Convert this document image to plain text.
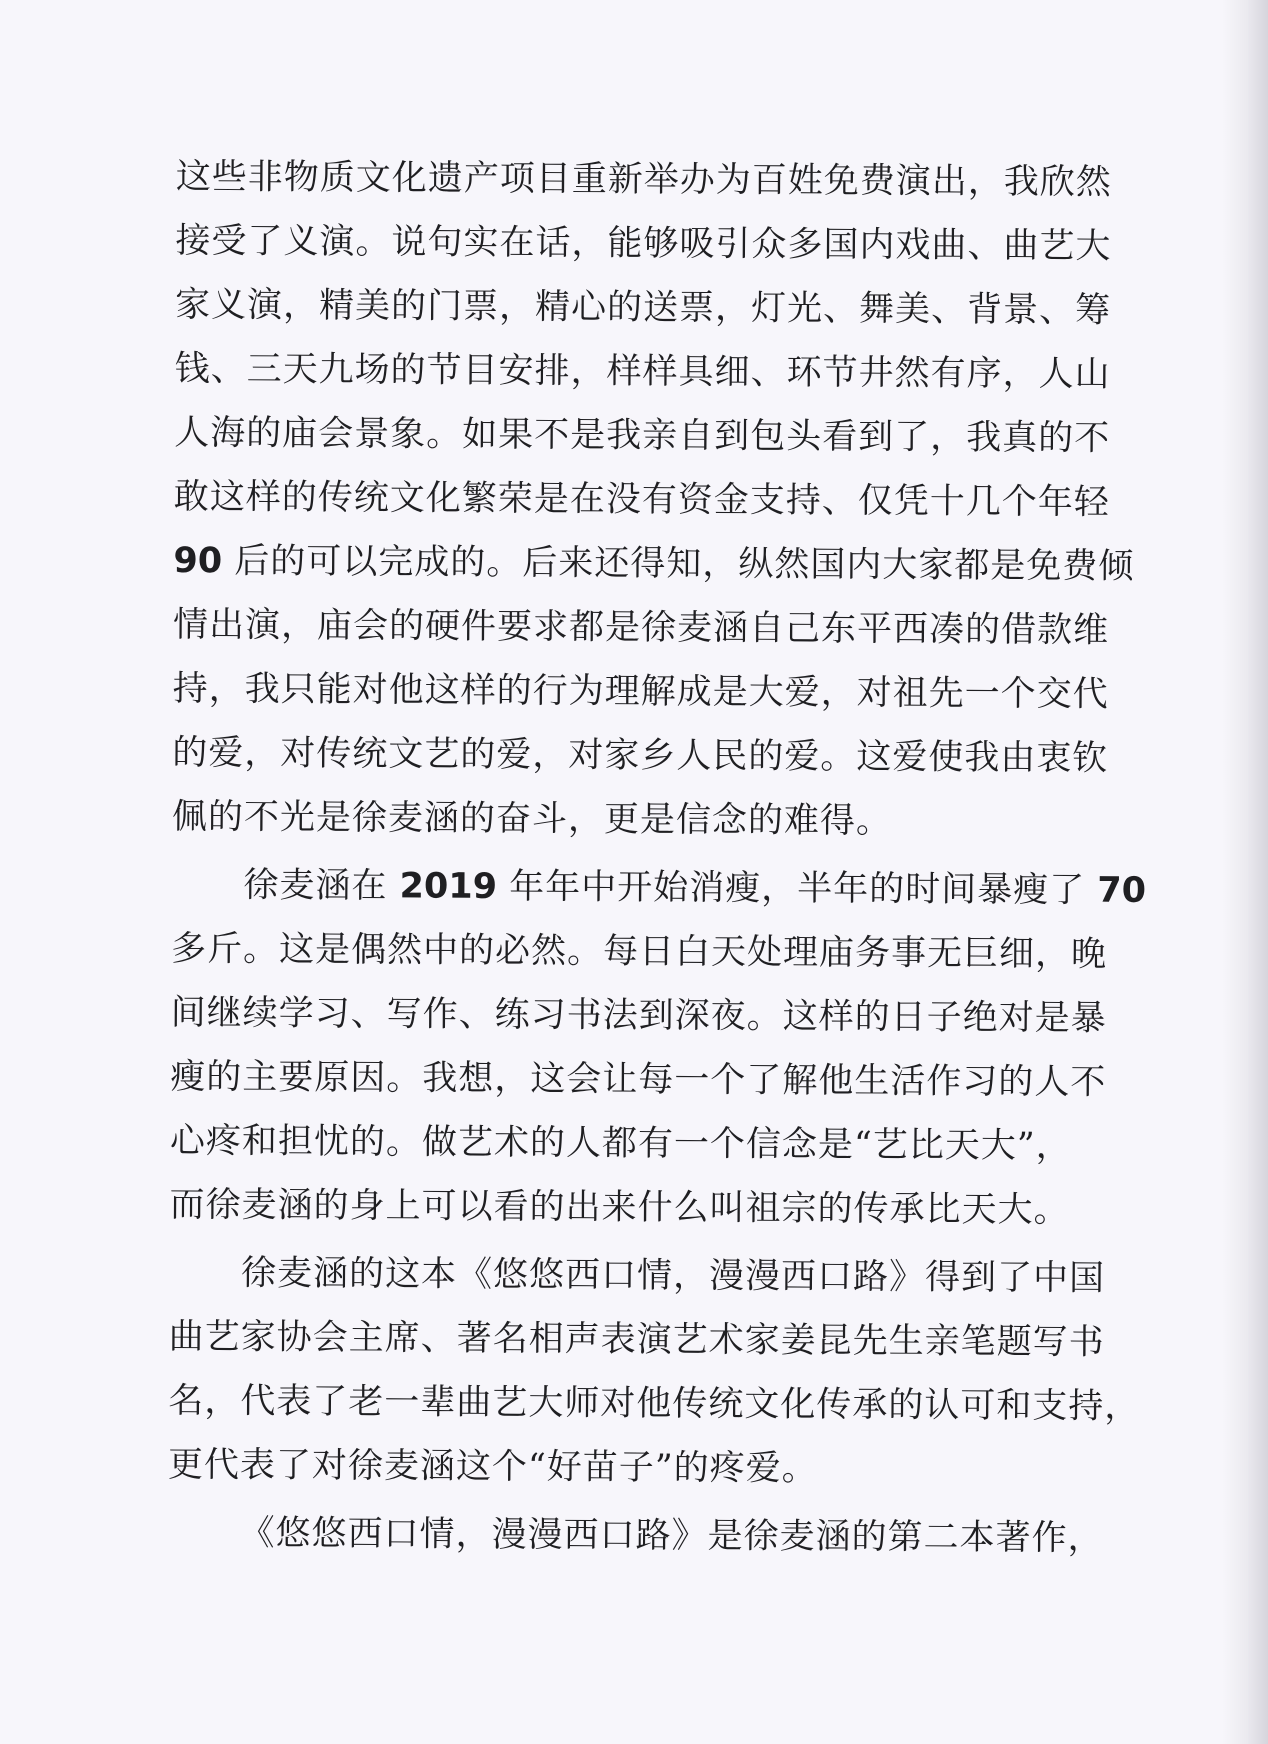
这些非物质文化遗产项目重新举办为百姓免费演出，我欣然
接受了义演。说句实在话，能够吸引众多国内戏曲、曲艺大
家义演，精美的门票，精心的送票，灯光、舞美、背景、筹
钱、三天九场的节目安排，样样具细、环节井然有序，人山
人海的庙会景象。如果不是我亲自到包头看到了，我真的不
敢这样的传统文化繁荣是在没有资金支持、仅凭十几个年轻
90 后的可以完成的。后来还得知，纵然国内大家都是免费倾
情出演，庙会的硬件要求都是徐麦涵自己东平西凑的借款维
持，我只能对他这样的行为理解成是大爱，对祖先一个交代
的爱，对传统文艺的爱，对家乡人民的爱。这爱使我由衷钦
佩的不光是徐麦涵的奋斗，更是信念的难得。
徐麦涵在 2019 年年中开始消瘦，半年的时间暴瘦了 70
多斤。这是偶然中的必然。每日白天处理庙务事无巨细，晚
间继续学习、写作、练习书法到深夜。这样的日子绝对是暴
瘦的主要原因。我想，这会让每一个了解他生活作习的人不
心疼和担忧的。做艺术的人都有一个信念是“艺比天大”，
而徐麦涵的身上可以看的出来什么叫祖宗的传承比天大。
徐麦涵的这本《悠悠西口情，漫漫西口路》得到了中国
曲艺家协会主席、著名相声表演艺术家姜昆先生亲笔题写书
名，代表了老一辈曲艺大师对他传统文化传承的认可和支持，
更代表了对徐麦涵这个“好苗子”的疼爱。
《悠悠西口情，漫漫西口路》是徐麦涵的第二本著作，
